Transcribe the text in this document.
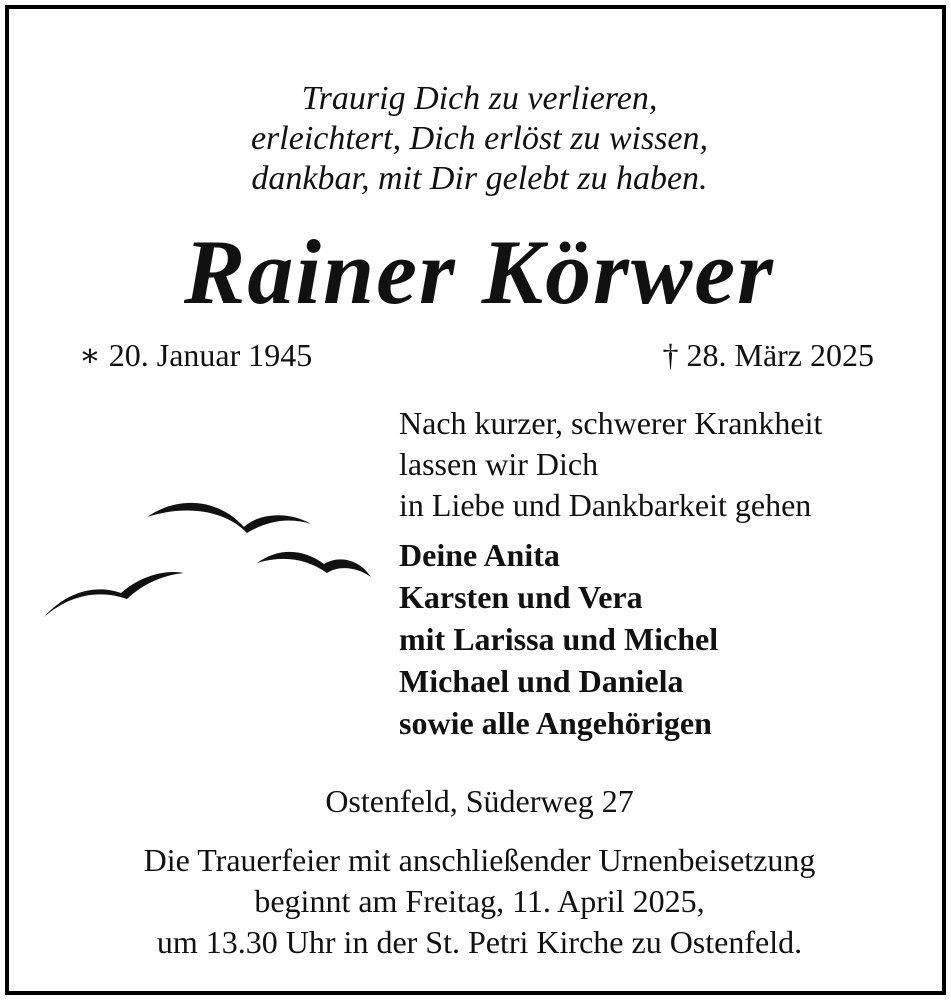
Traurig Dich zu verlieren,
erleichtert, Dich erlöst zu wissen,
dankbar, mit Dir gelebt zu haben.
Rainer Körwer
∗ 20. Januar 1945	† 28. März 2025
Nach kurzer, schwerer Krankheit
lassen wir Dich
in Liebe und Dankbarkeit gehen
Deine Anita
Karsten und Vera
mit Larissa und Michel
Michael und Daniela
sowie alle Angehörigen
Ostenfeld, Süderweg 27
Die Trauerfeier mit anschließender Urnenbeisetzung
beginnt am Freitag, 11. April 2025,
um 13.30 Uhr in der St. Petri Kirche zu Ostenfeld.
